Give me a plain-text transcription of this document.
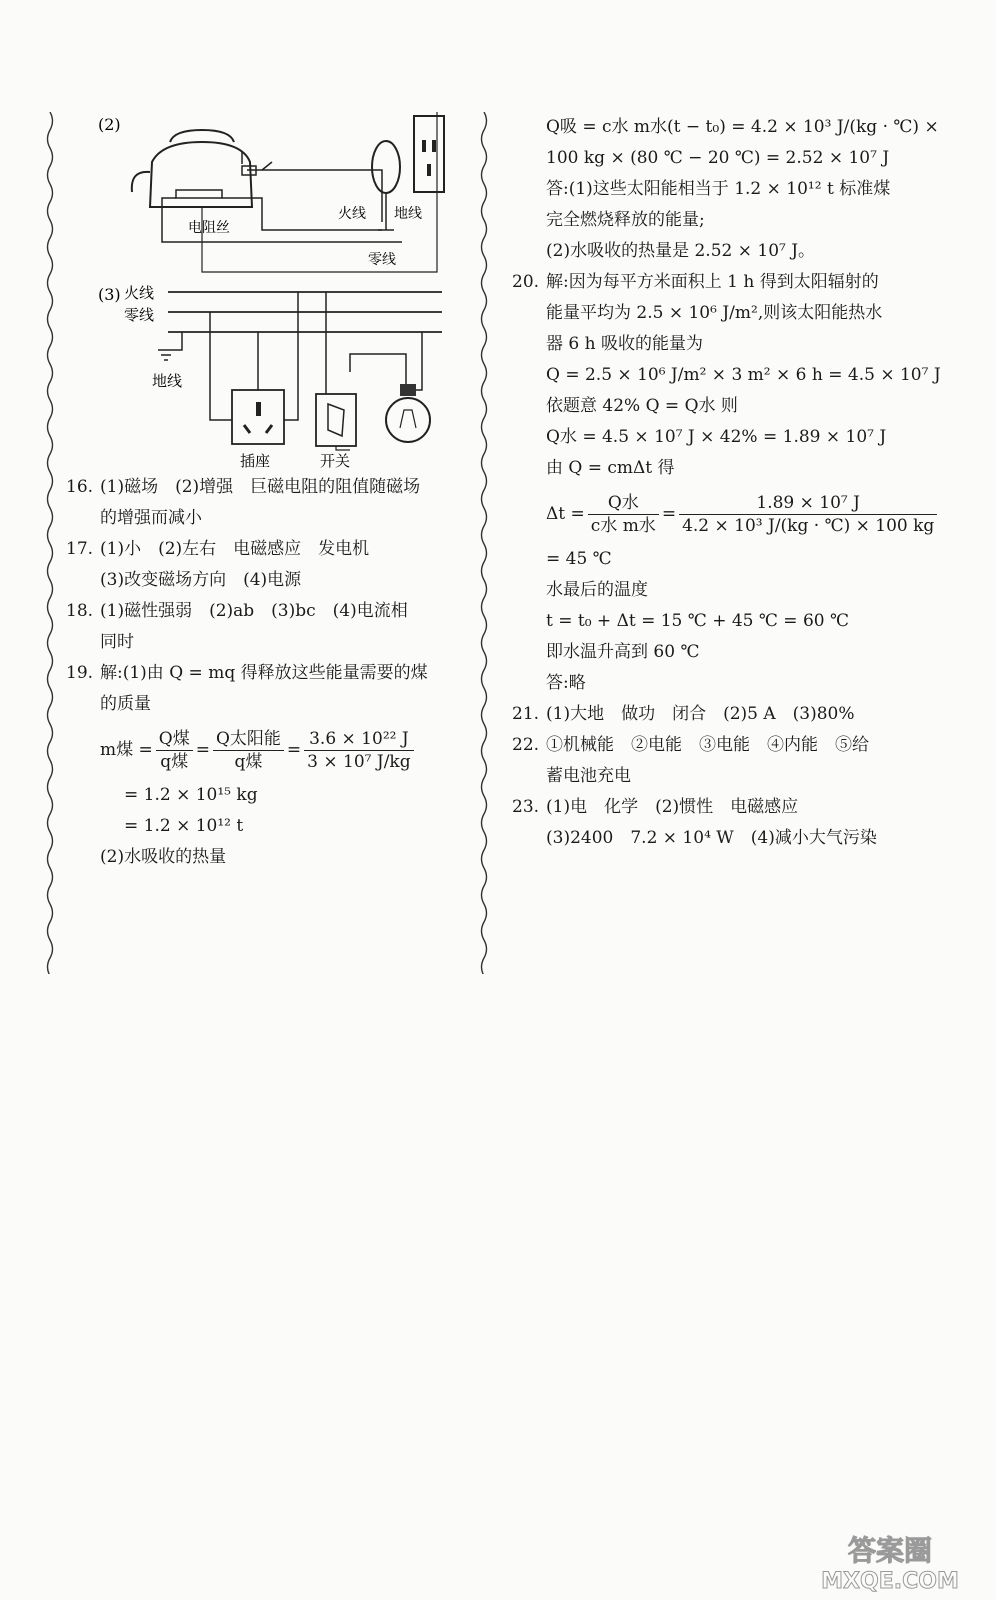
(2)
电阻丝
火线 地线
零线
(3) 火线
零线
地线
插座	开关
16. (1)磁场　(2)增强　巨磁电阻的阻值随磁场
的增强而减小
17. (1)小　(2)左右　电磁感应　发电机
(3)改变磁场方向　(4)电源
18. (1)磁性强弱　(2)ab　(3)bc　(4)电流相
同时
19. 解:(1)由 Q = mq 得释放这些能量需要的煤
的质量
m煤 = $\frac{\text{Q煤}}{\text{q煤}} = \frac{\text{Q太阳能}}{\text{q煤}} = \frac{\text{3.6 × 10²² J}}{\text{3 × 10⁷ J/kg}}$
= 1.2 × 10¹⁵ kg
= 1.2 × 10¹² t
(2)水吸收的热量
Q吸 = c水 m水(t − t₀) = 4.2 × 10³ J/(kg · ℃) ×
100 kg × (80 ℃ − 20 ℃) = 2.52 × 10⁷ J
答:(1)这些太阳能相当于 1.2 × 10¹² t 标准煤
完全燃烧释放的能量;
(2)水吸收的热量是 2.52 × 10⁷ J。
20. 解:因为每平方米面积上 1 h 得到太阳辐射的
能量平均为 2.5 × 10⁶ J/m²,则该太阳能热水
器 6 h 吸收的能量为
Q = 2.5 × 10⁶ J/m² × 3 m² × 6 h = 4.5 × 10⁷ J
依题意 42% Q = Q水 则
Q水 = 4.5 × 10⁷ J × 42% = 1.89 × 10⁷ J
由 Q = cmΔt 得
$\Delta t = \frac{\text{Q水}}{\text{c水 m水}} = \frac{\text{1.89 × 10⁷ J}}{\text{4.2 × 10³ J/(kg · ℃) × 100 kg}}$
= 45 ℃
水最后的温度
t = t₀ + Δt = 15 ℃ + 45 ℃ = 60 ℃
即水温升高到 60 ℃
答:略
21. (1)大地　做功　闭合　(2)5 A　(3)80%
22. ①机械能　②电能　③电能　④内能　⑤给
蓄电池充电
23. (1)电　化学　(2)惯性　电磁感应
(3)2400　7.2 × 10⁴ W　(4)减小大气污染
答案圈
MXQE.COM
